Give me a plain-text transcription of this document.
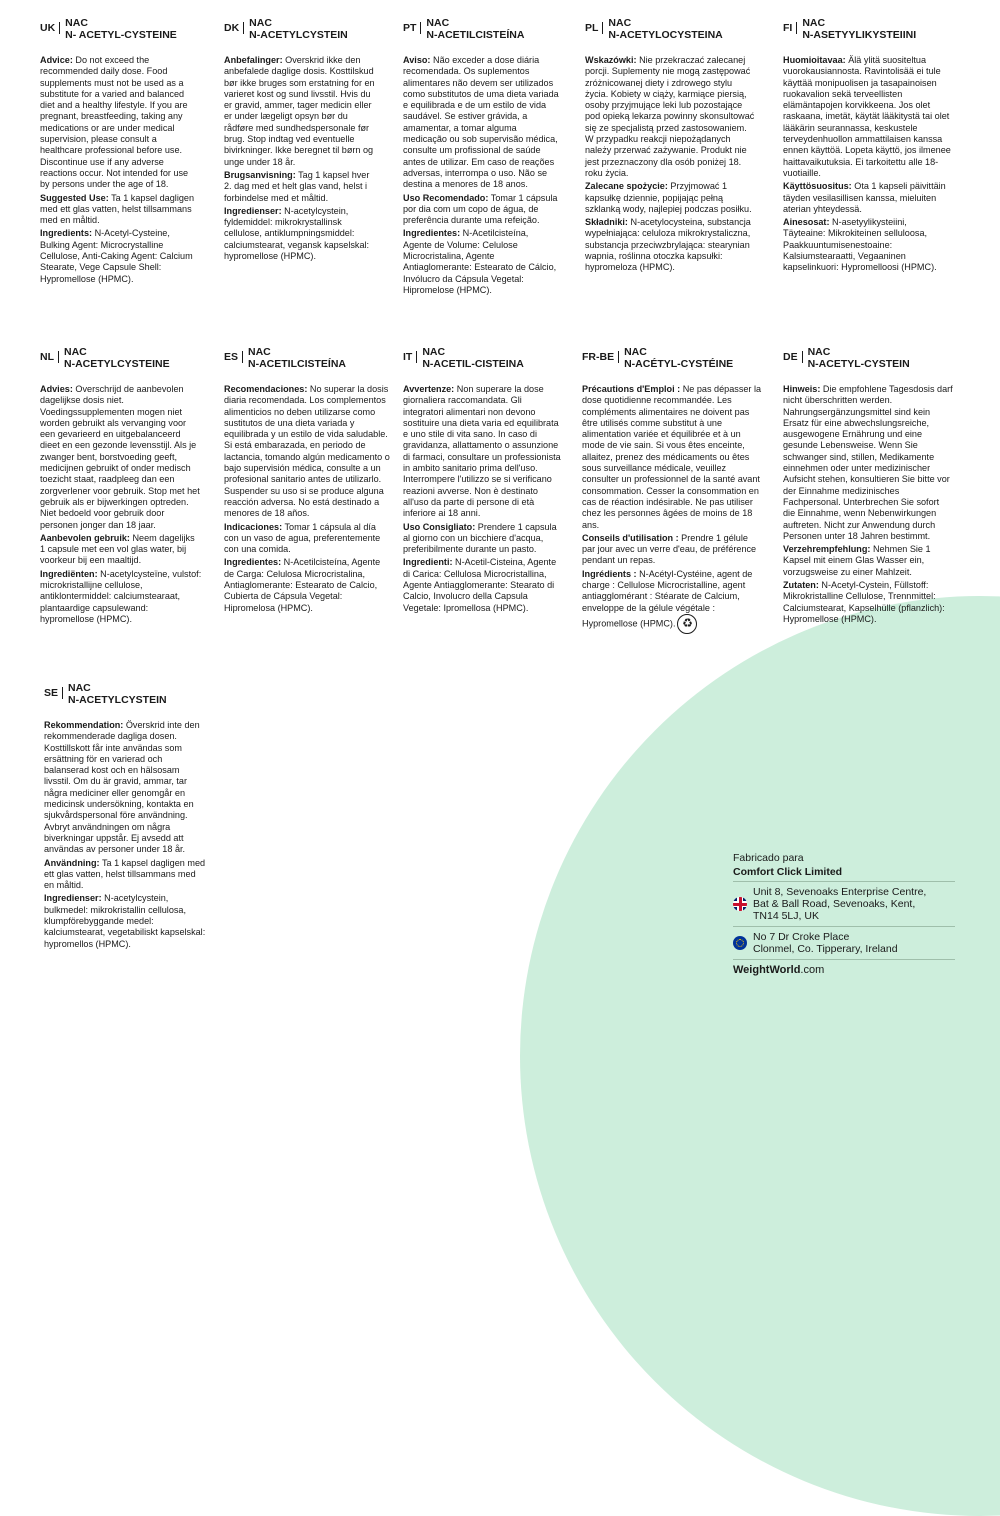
UK NAC
N- ACETYL-CYSTEINE
Advice: Do not exceed the recommended daily dose. Food supplements must not be used as a substitute for a varied and balanced diet and a healthy lifestyle. If you are pregnant, breastfeeding, taking any medications or are under medical supervision, please consult a healthcare professional before use. Discontinue use if any adverse reactions occur. Not intended for use by persons under the age of 18.
Suggested Use: Ta 1 kapsel dagligen med ett glas vatten, helst tillsammans med en måltid.
Ingredients: N-Acetyl-Cysteine, Bulking Agent: Microcrystalline Cellulose, Anti-Caking Agent: Calcium Stearate, Vege Capsule Shell: Hypromellose (HPMC).
DK NAC
N-ACETYLCYSTEIN
Anbefalinger: Overskrid ikke den anbefalede daglige dosis. Kosttilskud bør ikke bruges som erstatning for en varieret kost og sund livsstil. Hvis du er gravid, ammer, tager medicin eller er under lægeligt opsyn bør du rådføre med sundhedspersonale før brug. Stop indtag ved eventuelle bivirkninger. Ikke beregnet til børn og unge under 18 år.
Brugsanvisning: Tag 1 kapsel hver 2. dag med et helt glas vand, helst i forbindelse med et måltid.
Ingredienser: N-acetylcystein, fyldemiddel: mikrokrystallinsk cellulose, antiklumpningsmiddel: calciumstearat, vegansk kapselskal: hypromellose (HPMC).
PT NAC
N-ACETILCISTEÍNA
Aviso: Não exceder a dose diária recomendada. Os suplementos alimentares não devem ser utilizados como substitutos de uma dieta variada e equilibrada e de um estilo de vida saudável. Se estiver grávida, a amamentar, a tomar alguma medicação ou sob supervisão médica, consulte um profissional de saúde antes de utilizar. Em caso de reações adversas, interrompa o uso. Não se destina a menores de 18 anos.
Uso Recomendado: Tomar 1 cápsula por dia com um copo de água, de preferência durante uma refeição.
Ingredientes: N-Acetilcisteína, Agente de Volume: Celulose Microcristalina, Agente Antiaglomerante: Estearato de Cálcio, Invólucro da Cápsula Vegetal: Hipromelose (HPMC).
PL NAC
N-ACETYLOCYSTEINA
Wskazówki: Nie przekraczać zalecanej porcji. Suplementy nie mogą zastępować zróżnicowanej diety i zdrowego stylu życia. Kobiety w ciąży, karmiące piersią, osoby przyjmujące leki lub pozostające pod opieką lekarza powinny skonsultować się ze specjalistą przed zastosowaniem. W przypadku reakcji niepożądanych należy przerwać zażywanie. Produkt nie jest przeznaczony dla osób poniżej 18. roku życia.
Zalecane spożycie: Przyjmować 1 kapsułkę dziennie, popijając pełną szklanką wody, najlepiej podczas posiłku.
Składniki: N-acetylocysteina, substancja wypełniająca: celuloza mikrokrystaliczna, substancja przeciwzbrylająca: stearynian wapnia, roślinna otoczka kapsułki: hypromeloza (HPMC).
FI NAC
N-ASETYYLIKYSTEIINI
Huomioitavaa: Älä ylitä suositeltua vuorokausiannosta. Ravintolisää ei tule käyttää monipuolisen ja tasapainoisen ruokavalion sekä terveellisten elämäntapojen korvikkeena. Jos olet raskaana, imetät, käytät lääkitystä tai olet lääkärin seurannassa, keskustele terveydenhuollon ammattilaisen kanssa ennen käyttöä. Lopeta käyttö, jos ilmenee haittavaikutuksia. Ei tarkoitettu alle 18-vuotiaille.
Käyttösuositus: Ota 1 kapseli päivittäin täyden vesilasillisen kanssa, mieluiten aterian yhteydessä.
Ainesosat: N-asetyylikysteiini, Täyteaine: Mikrokiteinen selluloosa, Paakkuuntumisenestoaine: Kalsiumstearaatti, Vegaaninen kapselinkuori: Hypromelloosi (HPMC).
NL NAC
N-ACETYLCYSTEINE
Advies: Overschrijd de aanbevolen dagelijkse dosis niet. Voedingssupplementen mogen niet worden gebruikt als vervanging voor een gevarieerd en uitgebalanceerd dieet en een gezonde levensstijl. Als je zwanger bent, borstvoeding geeft, medicijnen gebruikt of onder medisch toezicht staat, raadpleeg dan een zorgverlener voor gebruik. Stop met het gebruik als er bijwerkingen optreden. Niet bedoeld voor gebruik door personen jonger dan 18 jaar.
Aanbevolen gebruik: Neem dagelijks 1 capsule met een vol glas water, bij voorkeur bij een maaltijd.
Ingrediënten: N-acetylcysteïne, vulstof: microkristallijne cellulose, antiklontermiddel: calciumstearaat, plantaardige capsulewand: hypromellose (HPMC).
ES NAC
N-ACETILCISTEÍNA
Recomendaciones: No superar la dosis diaria recomendada. Los complementos alimenticios no deben utilizarse como sustitutos de una dieta variada y equilibrada y un estilo de vida saludable. Si está embarazada, en periodo de lactancia, tomando algún medicamento o bajo supervisión médica, consulte a un profesional sanitario antes de utilizarlo. Suspender su uso si se produce alguna reacción adversa. No está destinado a menores de 18 años.
Indicaciones: Tomar 1 cápsula al día con un vaso de agua, preferentemente con una comida.
Ingredientes: N-Acetilcisteína, Agente de Carga: Celulosa Microcristalina, Antiaglomerante: Estearato de Calcio, Cubierta de Cápsula Vegetal: Hipromelosa (HPMC).
IT NAC
N-ACETIL-CISTEINA
Avvertenze: Non superare la dose giornaliera raccomandata. Gli integratori alimentari non devono sostituire una dieta varia ed equilibrata e uno stile di vita sano. In caso di gravidanza, allattamento o assunzione di farmaci, consultare un professionista in ambito sanitario prima dell'uso. Interrompere l'utilizzo se si verificano reazioni avverse. Non è destinato all'uso da parte di persone di età inferiore ai 18 anni.
Uso Consigliato: Prendere 1 capsula al giorno con un bicchiere d'acqua, preferibilmente durante un pasto.
Ingredienti: N-Acetil-Cisteina, Agente di Carica: Cellulosa Microcristallina, Agente Antiagglomerante: Stearato di Calcio, Involucro della Capsula Vegetale: Ipromellosa (HPMC).
FR-BE NAC
N-ACÉTYL-CYSTÉINE
Précautions d'Emploi : Ne pas dépasser la dose quotidienne recommandée. Les compléments alimentaires ne doivent pas être utilisés comme substitut à une alimentation variée et équilibrée et à un mode de vie sain. Si vous êtes enceinte, allaitez, prenez des médicaments ou êtes sous surveillance médicale, veuillez consulter un professionnel de la santé avant consommation. Cesser la consommation en cas de réaction indésirable. Ne pas utiliser chez les personnes âgées de moins de 18 ans.
Conseils d'utilisation : Prendre 1 gélule par jour avec un verre d'eau, de préférence pendant un repas.
Ingrédients : N-Acétyl-Cystéine, agent de charge : Cellulose Microcristalline, agent antiagglomérant : Stéarate de Calcium, enveloppe de la gélule végétale : Hypromellose (HPMC). ♻
DE NAC
N-ACETYL-CYSTEIN
Hinweis: Die empfohlene Tagesdosis darf nicht überschritten werden. Nahrungsergänzungsmittel sind kein Ersatz für eine abwechslungsreiche, ausgewogene Ernährung und eine gesunde Lebensweise. Wenn Sie schwanger sind, stillen, Medikamente einnehmen oder unter medizinischer Aufsicht stehen, konsultieren Sie bitte vor der Einnahme medizinisches Fachpersonal. Unterbrechen Sie sofort die Einnahme, wenn Nebenwirkungen auftreten. Nicht zur Anwendung durch Personen unter 18 Jahren bestimmt.
Verzehrempfehlung: Nehmen Sie 1 Kapsel mit einem Glas Wasser ein, vorzugsweise zu einer Mahlzeit.
Zutaten: N-Acetyl-Cystein, Füllstoff: Mikrokristalline Cellulose, Trennmittel: Calciumstearat, Kapselhülle (pflanzlich): Hypromellose (HPMC).
SE NAC
N-ACETYLCYSTEIN
Rekommendation: Överskrid inte den rekommenderade dagliga dosen. Kosttillskott får inte användas som ersättning för en varierad och balanserad kost och en hälsosam livsstil. Om du är gravid, ammar, tar några mediciner eller genomgår en medicinsk undersökning, kontakta en sjukvårdspersonal före användning. Avbryt användningen om några biverkningar uppstår. Ej avsedd att användas av personer under 18 år.
Användning: Ta 1 kapsel dagligen med ett glas vatten, helst tillsammans med en måltid.
Ingredienser: N-acetylcystein, bulkmedel: mikrokristallin cellulosa, klumpförebyggande medel: kalciumstearat, vegetabiliskt kapselskal: hypromellos (HPMC).
Fabricado para
Comfort Click Limited
Unit 8, Sevenoaks Enterprise Centre,
Bat & Ball Road, Sevenoaks, Kent,
TN14 5LJ, UK
No 7 Dr Croke Place
Clonmel, Co. Tipperary, Ireland
WeightWorld.com
